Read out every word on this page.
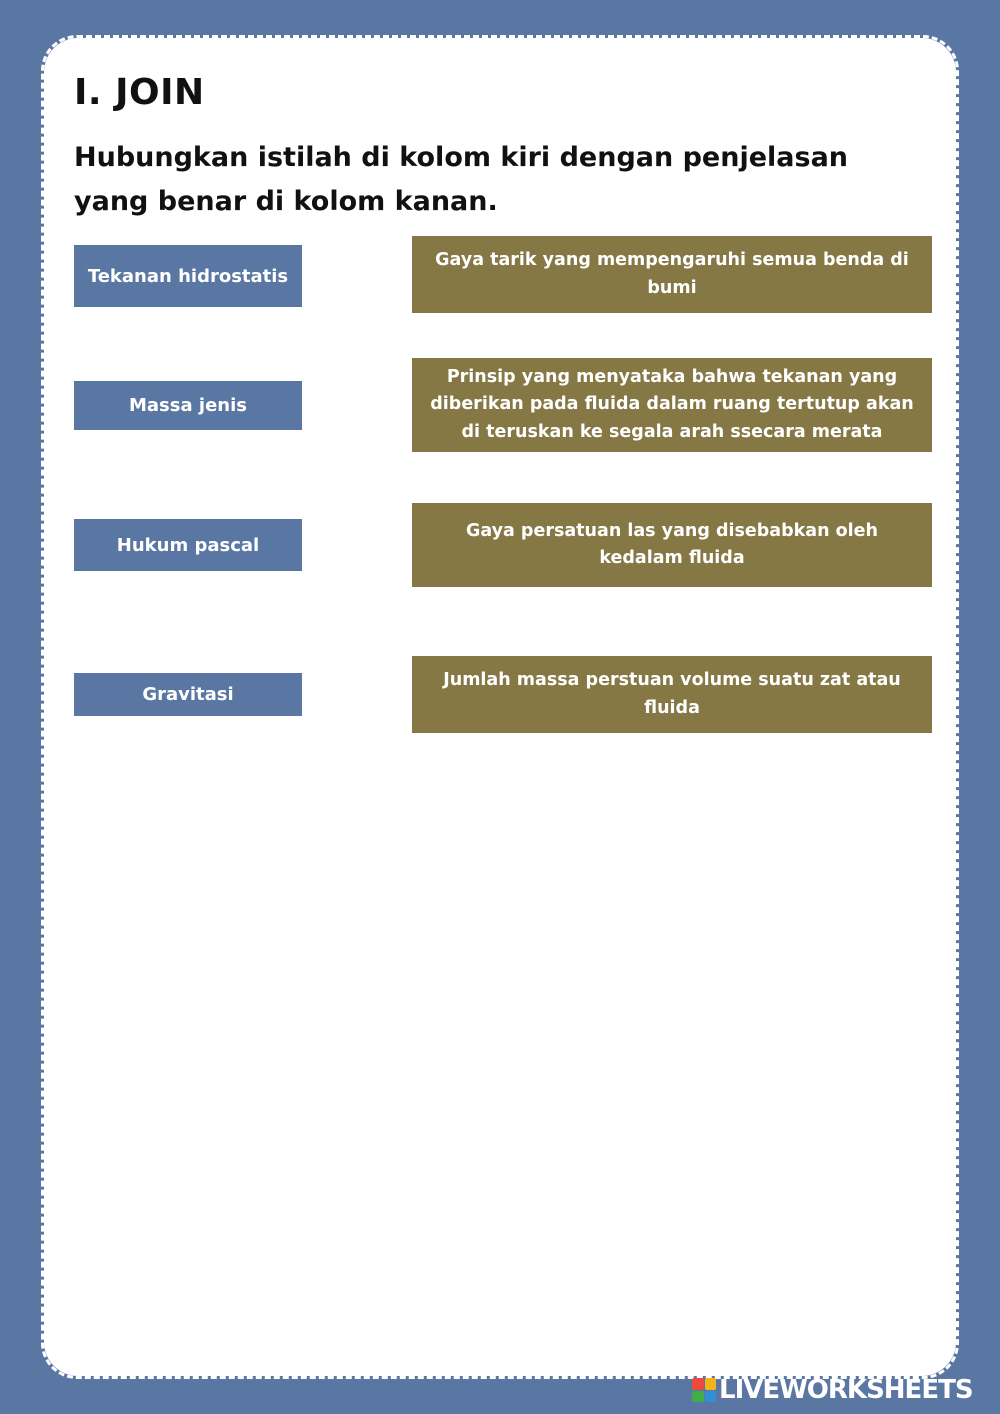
I. JOIN

Hubungkan istilah di kolom kiri dengan penjelasan yang benar di kolom kanan.

Tekanan hidrostatis
Massa jenis
Hukum pascal
Gravitasi
Gaya tarik yang mempengaruhi semua benda di bumi
Prinsip yang menyataka bahwa tekanan yang diberikan pada fluida dalam ruang tertutup akan di teruskan ke segala arah ssecara merata
Gaya persatuan las yang disebabkan oleh kedalam fluida
Jumlah massa perstuan volume suatu zat atau fluida
LIVEWORKSHEETS
